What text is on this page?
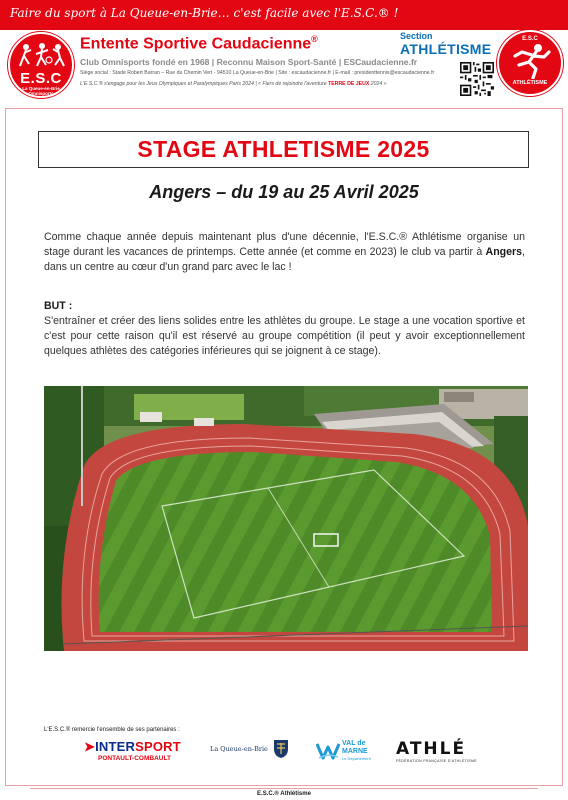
Faire du sport à La Queue-en-Brie… c'est facile avec l'E.S.C.® !
E.S.C
La Queue-en-Brie
Omnisports
Entente Sportive Caudacienne®	Section
ATHLÉTISME
Club Omnisports fondé en 1968 | Reconnu Maison Sport-Santé | ESCaudacienne.fr
Siège social : Stade Robert Barran – Rue du Chemin Vert - 94510 La Queue-en-Brie | Site : escaudacienne.fr | E-mail : presidenttennis@escaudacienne.fr
L'E.S.C.® s'engage pour les Jeux Olympiques et Paralympiques Paris 2024 | « Fiers de rejoindre l'aventure TERRE DE JEUX 2024 »
E.S.C
ATHLÉTISME
STAGE ATHLETISME 2025
Angers – du 19 au 25 Avril 2025
Comme chaque année depuis maintenant plus d'une décennie, l'E.S.C.® Athlétisme organise un stage durant les vacances de printemps. Cette année (et comme en 2023) le club va partir à Angers, dans un centre au cœur d'un grand parc avec le lac !
BUT :
S'entraîner et créer des liens solides entre les athlètes du groupe. Le stage a une vocation sportive et c'est pour cette raison qu'il est réservé au groupe compétition (il peut y avoir exceptionnellement quelques athlètes des catégories inférieures qui se joignent à ce stage).
L'E.S.C.® remercie l'ensemble de ses partenaires :
➤INTERSPORT
PONTAULT-COMBAULT
La Queue-en-Brie
VAL de
MARNE
Le Département ATHLÉ
FÉDÉRATION FRANÇAISE D'ATHLÉTISME
E.S.C.® Athlétisme
